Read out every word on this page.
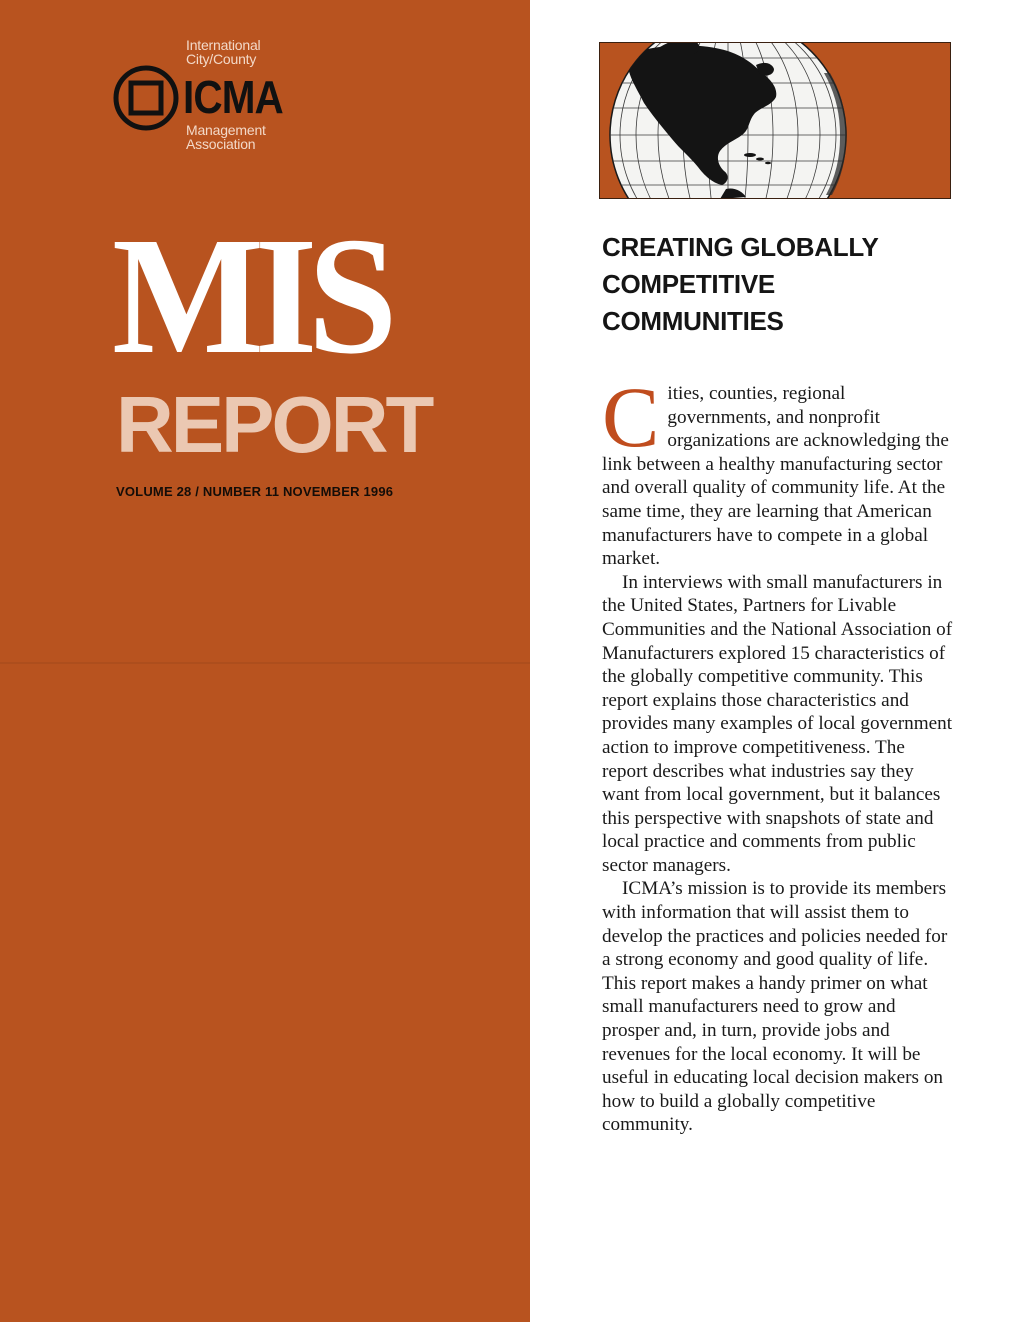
International
City/County
ICMA
Management
Association
MIS
REPORT
VOLUME 28 / NUMBER 11 NOVEMBER 1996
CREATING GLOBALLY
COMPETITIVE
COMMUNITIES

Cities, counties, regional governments, and nonprofit organizations are acknowledging the link between a healthy manufacturing sector and overall quality of community life. At the same time, they are learning that American manufacturers have to compete in a global market.

In interviews with small manufacturers in the United States, Partners for Livable Communities and the National Association of Manufacturers explored 15 characteristics of the globally competitive community. This report explains those characteristics and provides many examples of local government action to improve competitiveness. The report describes what industries say they want from local government, but it balances this perspective with snapshots of state and local practice and comments from public sector managers.

ICMA’s mission is to provide its members with information that will assist them to develop the practices and policies needed for a strong economy and good quality of life. This report makes a handy primer on what small manufacturers need to grow and prosper and, in turn, provide jobs and revenues for the local economy. It will be useful in educating local decision makers on how to build a globally competitive community.
